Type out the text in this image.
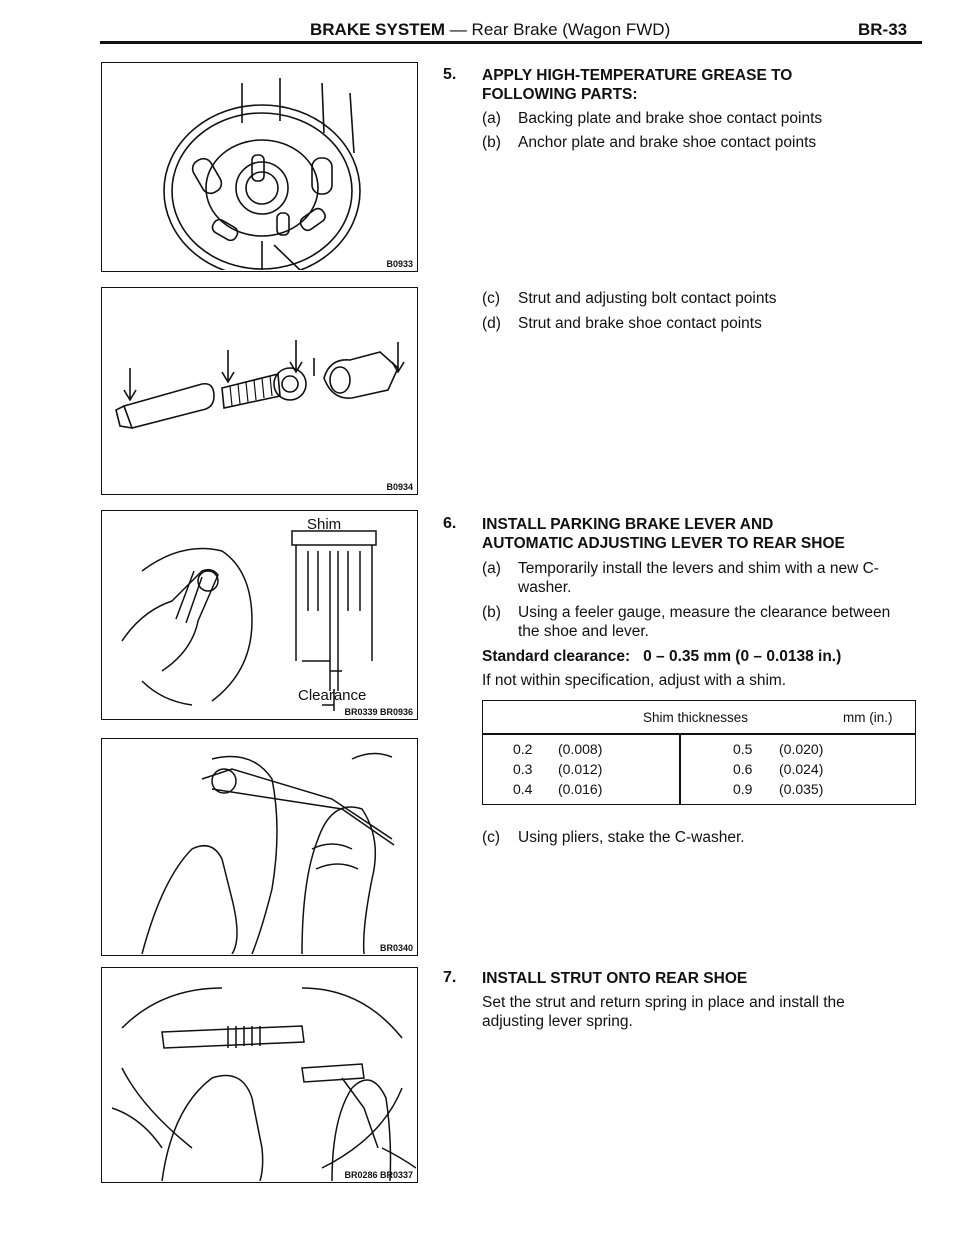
BRAKE SYSTEM — Rear Brake (Wagon FWD)	BR-33
B0933
B0934
Shim
Clearance
BR0339 BR0936
BR0340
BR0286 BR0337
5. APPLY HIGH-TEMPERATURE GREASE TO
FOLLOWING PARTS:
(a) Backing plate and brake shoe contact points
(b) Anchor plate and brake shoe contact points
(c) Strut and adjusting bolt contact points
(d) Strut and brake shoe contact points
6. INSTALL PARKING BRAKE LEVER AND
AUTOMATIC ADJUSTING LEVER TO REAR SHOE
(a) Temporarily install the levers and shim with a new C-
washer.
(b) Using a feeler gauge, measure the clearance between
the shoe and lever.
Standard clearance: 0 – 0.35 mm (0 – 0.0138 in.)
If not within specification, adjust with a shim.
Shim thicknesses	mm (in.)
0.2 (0.008)	0.5 (0.020)
0.3 (0.012)	0.6 (0.024)
0.4 (0.016)	0.9 (0.035)
(c) Using pliers, stake the C-washer.
7. INSTALL STRUT ONTO REAR SHOE
Set the strut and return spring in place and install the
adjusting lever spring.
